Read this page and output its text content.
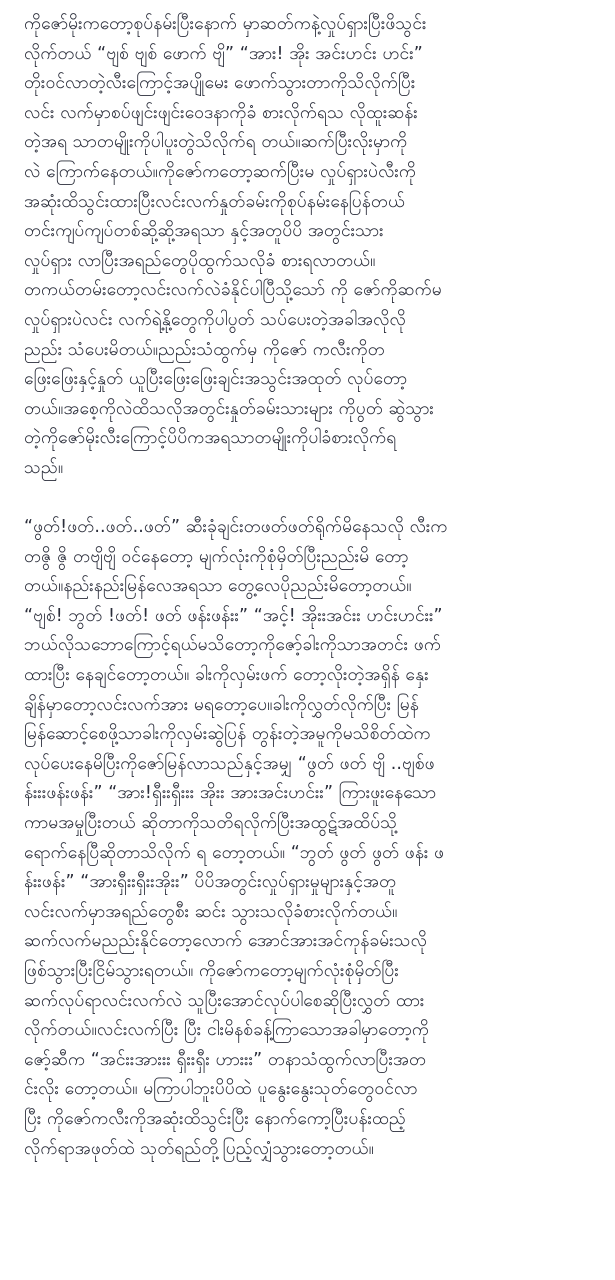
ကိုဇော်မိုးကတော့စုပ်နမ်းပြီးနောက် မှာဆတ်ကနဲ့လှုပ်ရှားပြီးဖိသွင်း
လိုက်တယ် “ဗျစ် ဗျစ် ဖောက် ဗျိ” “အား! အိုး အင်းဟင်း ဟင်း”
တိုးဝင်လာတဲ့လီးကြောင့်အပျိုမေး ဖောက်သွားတာကိုသိလိုက်ပြီး
လင်း လက်မှာစပ်ဖျင်းဖျင်းဝေဒနာကိုခံ စားလိုက်ရသ လိုထူးဆန်း
တဲ့အရ သာတမျိုးကိုပါပူးတွဲသိလိုက်ရ တယ်။ဆက်ပြီးလိုးမှာကို
လဲ ကြောက်နေတယ်။ကိုဇော်ကတော့ဆက်ပြီးမ လှုပ်ရှားပဲလီးကို
အဆုံးထိသွင်းထားပြီးလင်းလက်နှုတ်ခမ်းကိုစုပ်နမ်းနေပြန်တယ်
တင်းကျပ်ကျပ်တစ်ဆို့ဆို့အရသာ နှင့်အတူပိပိ အတွင်းသား
လှုပ်ရှား လာပြီးအရည်တွေပိုထွက်သလိုခံ စားရလာတယ်။
တကယ်တမ်းတော့လင်းလက်လဲခံနိုင်ပါပြီသို့သော် ကို ဇော်ကိုဆက်မ
လှုပ်ရှားပဲလင်း လက်ရဲ့နို့တွေကိုပါပွတ် သပ်ပေးတဲ့အခါအလိုလို
ညည်း သံပေးမိတယ်။ညည်းသံထွက်မှ ကိုဇော် ကလီးကိုတ
ဖြေးဖြေးနှင့်နှုတ် ယူပြီးဖြေးဖြေးချင်းအသွင်းအထုတ် လုပ်တော့
တယ်။အစေ့ကိုလဲထိသလိုအတွင်းနှုတ်ခမ်းသားများ ကိုပွတ် ဆွဲသွား
တဲ့ကိုဇော်မိုးလီးကြောင့်ပိပိကအရသာတမျိုးကိုပါခံစားလိုက်ရ
သည်။
“ဖွတ်!ဖတ်..ဖတ်..ဖတ်” ဆီးခုံချင်းတဖတ်ဖတ်ရိုက်မိနေသလို လီးက
တဇွိ ဇွိ တဗျိဗျိ ဝင်နေတော့ မျက်လုံးကိုစုံမှိတ်ပြီးညည်းမိ တော့
တယ်။နည်းနည်းမြန်လေအရသာ တွေ့လေပိုညည်းမိတော့တယ်။
“ဗျစ်! ဘွတ် !ဖတ်! ဖတ် ဖန်းဖန်းး” “အင့်! အိုးးအင်းး ဟင်းဟင်းး”
ဘယ်လိုသဘောကြောင့်ရယ်မသိတော့ကိုဇော့်ခါးကိုသာအတင်း ဖက်
ထားပြီး နေချင်တော့တယ်။ ခါးကိုလှမ်းဖက် တော့လိုးတဲ့အရှိန် နှေး
ချိန်မှာတော့လင်းလက်အား မရတော့ပေ။ခါးကိုလွှတ်လိုက်ပြီး မြန်
မြန်ဆောင့်စေဖို့သာခါးကိုလှမ်းဆွဲပြန် တွန်းတဲ့အမူကိုမသိစိတ်ထဲက
လုပ်ပေးနေမိပြီးကိုဇော်မြန်လာသည်နှင့်အမျှ “ဖွတ် ဖတ် ဗျိ ..ဗျစ်ဖ
န်းးးဖန်းဖန်း” “အား!ရှီးးရှီးးး အိုးး အားအင်းဟင်းး” ကြားဖူးနေသော
ကာမအမှုပြီးတယ် ဆိုတာကိုသတိရလိုက်ပြီးအထွဋ်အထိပ်သို့
ရောက်နေပြီဆိုတာသိလိုက် ရ တော့တယ်။ “ဘွတ် ဖွတ် ဖွတ် ဖန်း ဖ
န်းးဖန်း” “အားရှီးးရှီးးအိုးး” ပိပိအတွင်းလှုပ်ရှားမှုများနှင့်အတူ
လင်းလက်မှာအရည်တွေစီး ဆင်း သွားသလိုခံစားလိုက်တယ်။
ဆက်လက်မညည်းနိုင်တော့လောက် အောင်အားအင်ကုန်ခမ်းသလို
ဖြစ်သွားပြီးငြိမ်သွားရတယ်။ ကိုဇော်ကတော့မျက်လုံးစုံမှိတ်ပြီး
ဆက်လုပ်ရာလင်းလက်လဲ သူပြီးအောင်လုပ်ပါစေဆိုပြီးလွှတ် ထား
လိုက်တယ်။လင်းလက်ပြီး ပြီး ငါးမိနစ်ခန့်ကြာသောအခါမှာတော့ကို
ဇော့်ဆီက “အင်းးအားးး ရှီးးရှီး ဟားးး” တနာသံထွက်လာပြီးအတ
င်းလိုး တော့တယ်။ မကြာပါဘူးပိပိထဲ ပူနွေးနွေးသုတ်တွေဝင်လာ
ပြီး ကိုဇော်ကလီးကိုအဆုံးထိသွင်းပြီး နောက်ကော့ပြီးပန်းထည့်
လိုက်ရာအဖုတ်ထဲ သုတ်ရည်တို့ပြည့်လျှံသွားတော့တယ်။
